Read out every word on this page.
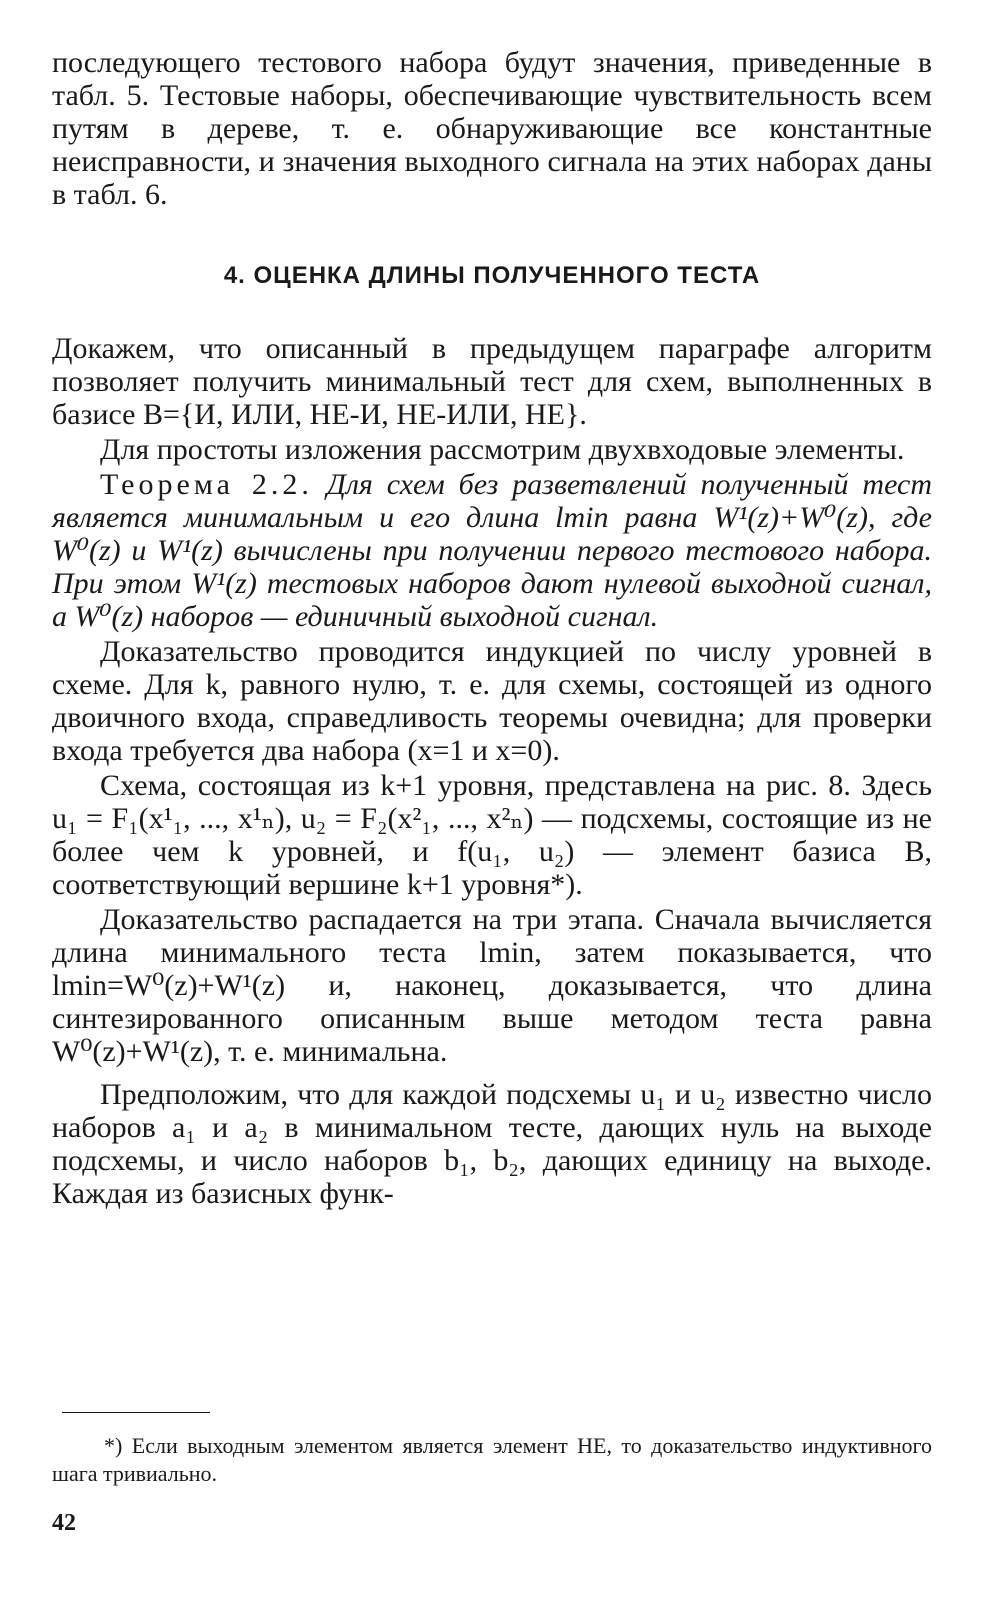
последующего тестового набора будут значения, приведенные в табл. 5. Тестовые наборы, обеспечивающие чувствительность всем путям в дереве, т. е. обнаруживающие все константные неисправности, и значения выходного сигнала на этих наборах даны в табл. 6.

4. ОЦЕНКА ДЛИНЫ ПОЛУЧЕННОГО ТЕСТА

Докажем, что описанный в предыдущем параграфе алгоритм позволяет получить минимальный тест для схем, выполненных в базисе B={И, ИЛИ, НЕ-И, НЕ-ИЛИ, НЕ}.

Для простоты изложения рассмотрим двухвходовые элементы.

Теорема 2.2. Для схем без разветвлений полученный тест является минимальным и его длина lmin равна W¹(z)+W⁰(z), где W⁰(z) и W¹(z) вычислены при получении первого тестового набора. При этом W¹(z) тестовых наборов дают нулевой выходной сигнал, а W⁰(z) наборов — единичный выходной сигнал.

Доказательство проводится индукцией по числу уровней в схеме. Для k, равного нулю, т. е. для схемы, состоящей из одного двоичного входа, справедливость теоремы очевидна; для проверки входа требуется два набора (x=1 и x=0).

Схема, состоящая из k+1 уровня, представлена на рис. 8. Здесь u₁ = F₁(x¹₁, ..., x¹ₙ), u₂ = F₂(x²₁, ..., x²ₙ) — подсхемы, состоящие из не более чем k уровней, и f(u₁, u₂) — элемент базиса B, соответствующий вершине k+1 уровня*).

Доказательство распадается на три этапа. Сначала вычисляется длина минимального теста lmin, затем показывается, что lmin=W⁰(z)+W¹(z) и, наконец, доказывается, что длина синтезированного описанным выше методом теста равна W⁰(z)+W¹(z), т. е. минимальна.

Предположим, что для каждой подсхемы u₁ и u₂ известно число наборов a₁ и a₂ в минимальном тесте, дающих нуль на выходе подсхемы, и число наборов b₁, b₂, дающих единицу на выходе. Каждая из базисных функ-

*) Если выходным элементом является элемент НЕ, то доказательство индуктивного шага тривиально.
42
